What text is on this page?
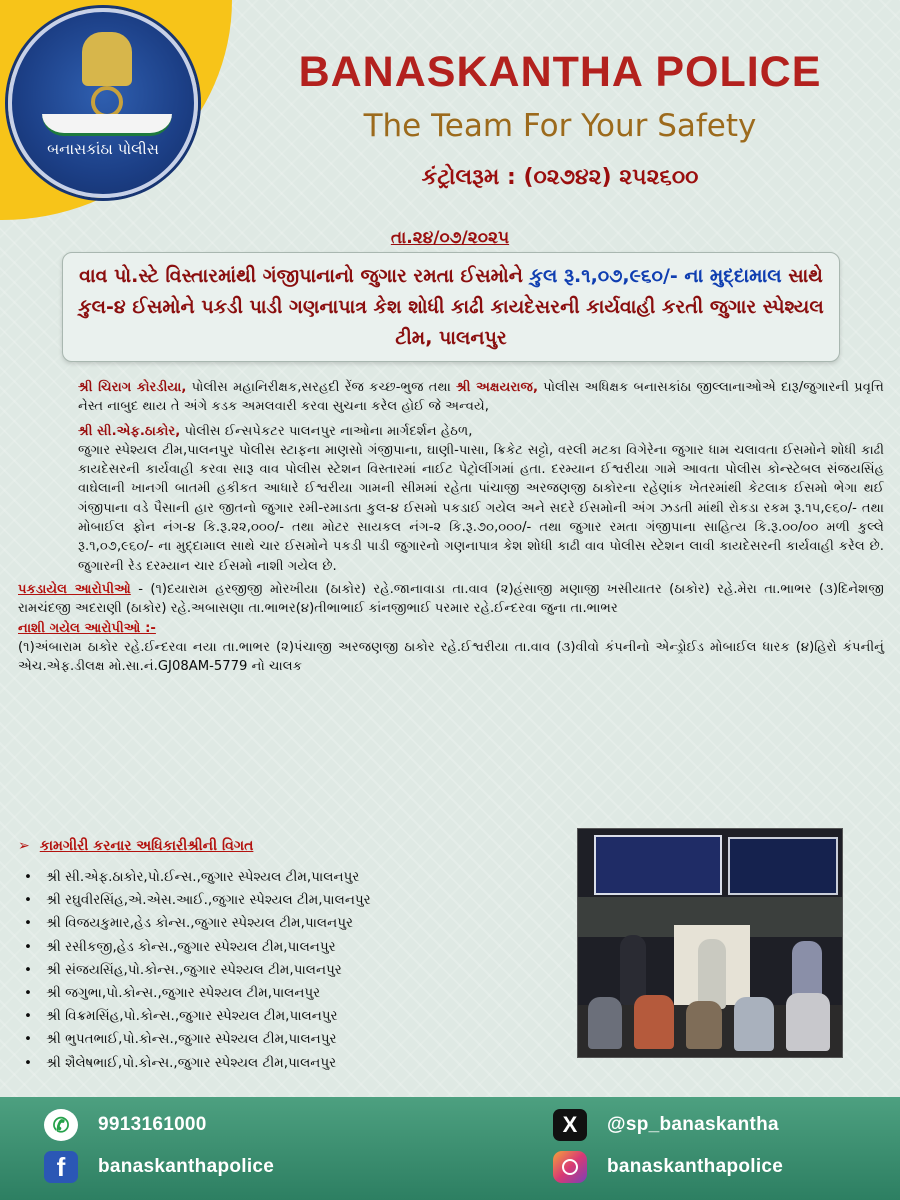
બનાસકાંઠા પોલીસ
BANASKANTHA POLICE
The Team For Your Safety
કંટ્રોલરૂમ : (૦૨૭૪૨) ૨૫૨૬૦૦
તા.૨૪/૦૭/૨૦૨૫
વાવ પો.સ્ટે વિસ્તારમાંથી ગંજીપાનાનો જુગાર રમતા ઈસમોને કુલ રૂ.૧,૦૭,૯૬૦/- ના મુદ્દામાલ સાથે કુલ-૪ ઈસમોને પકડી પાડી ગણનાપાત્ર કેશ શોધી કાઢી કાયદેસરની કાર્યવાહી કરતી જુગાર સ્પેશ્યલ ટીમ, પાલનપુર

શ્રી ચિરાગ કોરડીયા, પોલીસ મહાનિરીક્ષક,સરહદી રેંજ કચ્છ-ભુજ તથા શ્રી અક્ષયરાજ, પોલીસ અધિક્ષક બનાસકાંઠા જીલ્લાનાઓએ દારૂ/જુગારની પ્રવૃત્તિ નેસ્ત નાબુદ થાય તે અંગે કડક અમલવારી કરવા સુચના કરેલ હોઈ જે અન્વયે,

શ્રી સી.એફ.ઠાકોર, પોલીસ ઈન્સપેકટર પાલનપુર નાઓના માર્ગદર્શન હેઠળ,

જુગાર સ્પેશ્યલ ટીમ,પાલનપુર પોલીસ સ્ટાફના માણસો ગંજીપાના, ઘાણી-પાસા, ક્રિકેટ સટ્ટો, વરલી મટકા વિગેરેના જુગાર ધામ ચલાવતા ઈસમોને શોધી કાઢી કાયદેસરની કાર્યવાહી કરવા સારૂ વાવ પોલીસ સ્ટેશન વિસ્તારમાં નાઈટ પેટ્રોલીંગમાં હતા. દરમ્યાન ઈશ્વરીયા ગામે આવતા પોલીસ કોન્સ્ટેબલ સંજયસિંહ વાઘેલાની ખાનગી બાતમી હકીકત આધારે ઈશ્વરીયા ગામની સીમમાં રહેતા પાંચાજી અરજણજી ઠાકોરના રહેણાંક ખેતરમાંથી કેટલાક ઈસમો ભેગા થઈ ગંજીપાના વડે પૈસાની હાર જીતનો જુગાર રમી-રમાડતા કુલ-૪ ઈસમો પકડાઈ ગયેલ અને સદરે ઈસમોની અંગ ઝડતી માંથી રોકડા રકમ રૂ.૧૫,૯૬૦/- તથા મોબાઈલ ફોન નંગ-૪ કિ.રૂ.૨૨,૦૦૦/- તથા મોટર સાયકલ નંગ-૨ કિ.રૂ.૭૦,૦૦૦/- તથા જુગાર રમતા ગંજીપાના સાહિત્ય કિ.રૂ.૦૦/૦૦ મળી કુલ્લે રૂ.૧,૦૭,૯૬૦/- ના મુદ્દામાલ સાથે ચાર ઈસમોને પકડી પાડી જુગારનો ગણનાપાત્ર કેશ શોધી કાઢી વાવ પોલીસ સ્ટેશન લાવી કાયદેસરની કાર્યવાહી કરેલ છે. જુગારની રેડ દરમ્યાન ચાર ઈસમો નાશી ગયેલ છે.

પકડાયેલ આરોપીઓ - (૧)દયારામ હરજીજી મોરખીયા (ઠાકોર) રહે.જાનાવાડા તા.વાવ (૨)હંસાજી મણાજી ખસીયાતર (ઠાકોર) રહે.મેરા તા.ભાભર (૩)દિનેશજી રામચંદજી અદરાણી (ઠાકોર) રહે.અબાસણા તા.ભાભર(૪)તીભાભાઈ કાંનજીભાઈ પરમાર રહે.ઈન્દરવા જુના તા.ભાભર

નાશી ગયેલ આરોપીઓ :-

(૧)અંબારામ ઠાકોર રહે.ઈન્દરવા નયા તા.ભાભર (૨)પંચાજી અરજણજી ઠાકોર રહે.ઈશ્વરીયા તા.વાવ (૩)વીવો કંપનીનો એન્ડ્રોઈડ મોબાઈલ ધારક (૪)હિરો કંપનીનું એચ.એફ.ડીલક્ષ મો.સા.નં.GJ08AM-5779 નો ચાલક

➢ કામગીરી કરનાર અધિકારીશ્રીની વિગત
• શ્રી સી.એફ.ઠાકોર,પો.ઈન્સ.,જુગાર સ્પેશ્યલ ટીમ,પાલનપુર
• શ્રી રઘુવીરસિંહ,એ.એસ.આઈ.,જુગાર સ્પેશ્યલ ટીમ,પાલનપુર
• શ્રી વિજયકુમાર,હેડ કોન્સ.,જુગાર સ્પેશ્યલ ટીમ,પાલનપુર
• શ્રી રસીકજી,હેડ કોન્સ.,જુગાર સ્પેશ્યલ ટીમ,પાલનપુર
• શ્રી સંજયસિંહ,પો.કોન્સ.,જુગાર સ્પેશ્યલ ટીમ,પાલનપુર
• શ્રી જગુભા,પો.કોન્સ.,જુગાર સ્પેશ્યલ ટીમ,પાલનપુર
• શ્રી વિક્રમસિંહ,પો.કોન્સ.,જુગાર સ્પેશ્યલ ટીમ,પાલનપુર
• શ્રી ભુપતભાઈ,પો.કોન્સ.,જુગાર સ્પેશ્યલ ટીમ,પાલનપુર
• શ્રી શૈલેષભાઈ,પો.કોન્સ.,જુગાર સ્પેશ્યલ ટીમ,પાલનપુર
✆	9913161000
f	banaskanthapolice
X	@sp_banaskantha
banaskanthapolice
